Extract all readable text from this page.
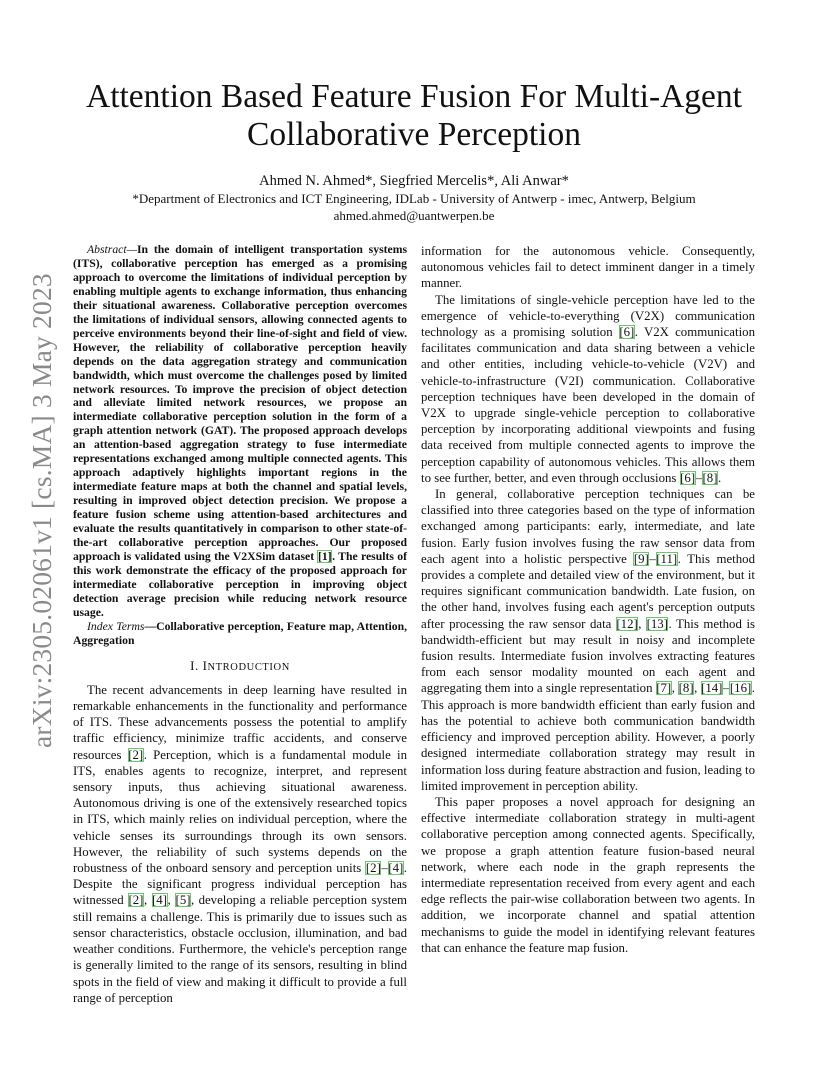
arXiv:2305.02061v1 [cs.MA] 3 May 2023
Attention Based Feature Fusion For Multi-Agent Collaborative Perception
Ahmed N. Ahmed*, Siegfried Mercelis*, Ali Anwar*
*Department of Electronics and ICT Engineering, IDLab - University of Antwerp - imec, Antwerp, Belgium
ahmed.ahmed@uantwerpen.be

Abstract—In the domain of intelligent transportation systems (ITS), collaborative perception has emerged as a promising approach to overcome the limitations of individual perception by enabling multiple agents to exchange information, thus enhancing their situational awareness. Collaborative perception overcomes the limitations of individual sensors, allowing connected agents to perceive environments beyond their line-of-sight and field of view. However, the reliability of collaborative perception heavily depends on the data aggregation strategy and communication bandwidth, which must overcome the challenges posed by limited network resources. To improve the precision of object detection and alleviate limited network resources, we propose an intermediate collaborative perception solution in the form of a graph attention network (GAT). The proposed approach develops an attention-based aggregation strategy to fuse intermediate representations exchanged among multiple connected agents. This approach adaptively highlights important regions in the intermediate feature maps at both the channel and spatial levels, resulting in improved object detection precision. We propose a feature fusion scheme using attention-based architectures and evaluate the results quantitatively in comparison to other state-of-the-art collaborative perception approaches. Our proposed approach is validated using the V2XSim dataset [1]. The results of this work demonstrate the efficacy of the proposed approach for intermediate collaborative perception in improving object detection average precision while reducing network resource usage.

Index Terms—Collaborative perception, Feature map, Attention, Aggregation

I. INTRODUCTION

The recent advancements in deep learning have resulted in remarkable enhancements in the functionality and performance of ITS. These advancements possess the potential to amplify traffic efficiency, minimize traffic accidents, and conserve resources [2]. Perception, which is a fundamental module in ITS, enables agents to recognize, interpret, and represent sensory inputs, thus achieving situational awareness. Autonomous driving is one of the extensively researched topics in ITS, which mainly relies on individual perception, where the vehicle senses its surroundings through its own sensors. However, the reliability of such systems depends on the robustness of the onboard sensory and perception units [2]–[4]. Despite the significant progress individual perception has witnessed [2], [4], [5], developing a reliable perception system still remains a challenge. This is primarily due to issues such as sensor characteristics, obstacle occlusion, illumination, and bad weather conditions. Furthermore, the vehicle's perception range is generally limited to the range of its sensors, resulting in blind spots in the field of view and making it difficult to provide a full range of perception

information for the autonomous vehicle. Consequently, autonomous vehicles fail to detect imminent danger in a timely manner.

The limitations of single-vehicle perception have led to the emergence of vehicle-to-everything (V2X) communication technology as a promising solution [6]. V2X communication facilitates communication and data sharing between a vehicle and other entities, including vehicle-to-vehicle (V2V) and vehicle-to-infrastructure (V2I) communication. Collaborative perception techniques have been developed in the domain of V2X to upgrade single-vehicle perception to collaborative perception by incorporating additional viewpoints and fusing data received from multiple connected agents to improve the perception capability of autonomous vehicles. This allows them to see further, better, and even through occlusions [6]–[8].

In general, collaborative perception techniques can be classified into three categories based on the type of information exchanged among participants: early, intermediate, and late fusion. Early fusion involves fusing the raw sensor data from each agent into a holistic perspective [9]–[11]. This method provides a complete and detailed view of the environment, but it requires significant communication bandwidth. Late fusion, on the other hand, involves fusing each agent's perception outputs after processing the raw sensor data [12], [13]. This method is bandwidth-efficient but may result in noisy and incomplete fusion results. Intermediate fusion involves extracting features from each sensor modality mounted on each agent and aggregating them into a single representation [7], [8], [14]–[16]. This approach is more bandwidth efficient than early fusion and has the potential to achieve both communication bandwidth efficiency and improved perception ability. However, a poorly designed intermediate collaboration strategy may result in information loss during feature abstraction and fusion, leading to limited improvement in perception ability.

This paper proposes a novel approach for designing an effective intermediate collaboration strategy in multi-agent collaborative perception among connected agents. Specifically, we propose a graph attention feature fusion-based neural network, where each node in the graph represents the intermediate representation received from every agent and each edge reflects the pair-wise collaboration between two agents. In addition, we incorporate channel and spatial attention mechanisms to guide the model in identifying relevant features that can enhance the feature map fusion.
